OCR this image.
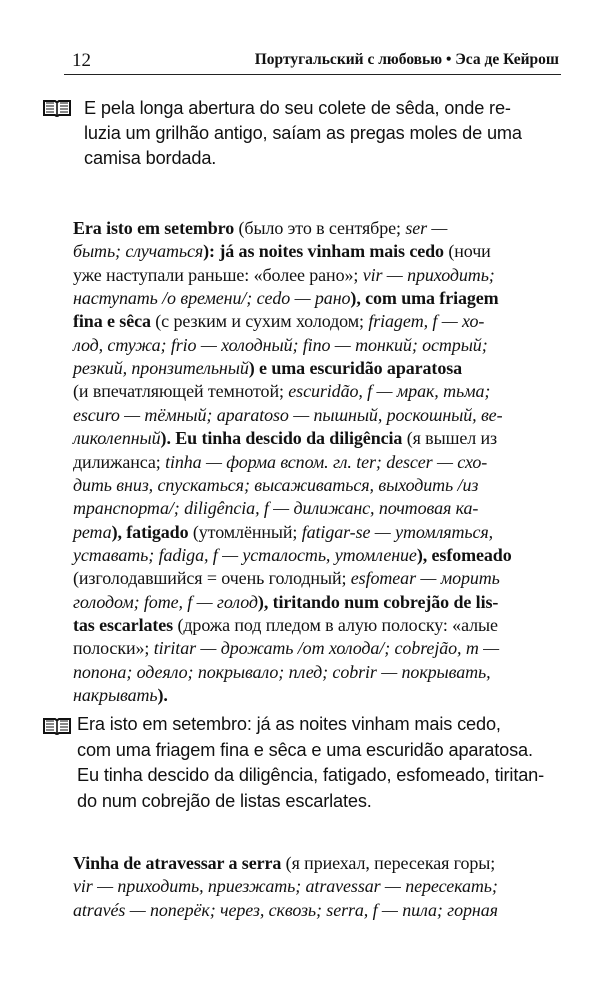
12	Португальский с любовью • Эса де Кейрош
E pela longa abertura do seu colete de sêda, onde re-
luzia um grilhão antigo, saíam as pregas moles de uma
camisa bordada.
Era isto em setembro (было это в сентябре; ser —
быть; случаться): já as noites vinham mais cedo (ночи
уже наступали раньше: «более рано»; vir — приходить;
наступать /о времени/; cedo — рано), com uma friagem
fina e sêca (с резким и сухим холодом; friagem, f — хо-
лод, стужа; frio — холодный; fino — тонкий; острый;
резкий, пронзительный) e uma escuridão aparatosa
(и впечатляющей темнотой; escuridão, f — мрак, тьма;
escuro — тёмный; aparatoso — пышный, роскошный, ве-
ликолепный). Eu tinha descido da diligência (я вышел из
дилижанса; tinha — форма вспом. гл. ter; descer — схо-
дить вниз, спускаться; высаживаться, выходить /из
транспорта/; diligência, f — дилижанс, почтовая ка-
рета), fatigado (утомлённый; fatigar-se — утомляться,
уставать; fadiga, f — усталость, утомление), esfomeado
(изголодавшийся = очень голодный; esfomear — морить
голодом; fome, f — голод), tiritando num cobrejão de lis-
tas escarlates (дрожа под пледом в алую полоску: «алые
полоски»; tiritar — дрожать /от холода/; cobrejão, m —
попона; одеяло; покрывало; плед; cobrir — покрывать,
накрывать).
Era isto em setembro: já as noites vinham mais cedo,
com uma friagem fina e sêca e uma escuridão aparatosa.
Eu tinha descido da diligência, fatigado, esfomeado, tiritan-
do num cobrejão de listas escarlates.
Vinha de atravessar a serra (я приехал, пересекая горы;
vir — приходить, приезжать; atravessar — пересекать;
através — поперёк; через, сквозь; serra, f — пила; горная
